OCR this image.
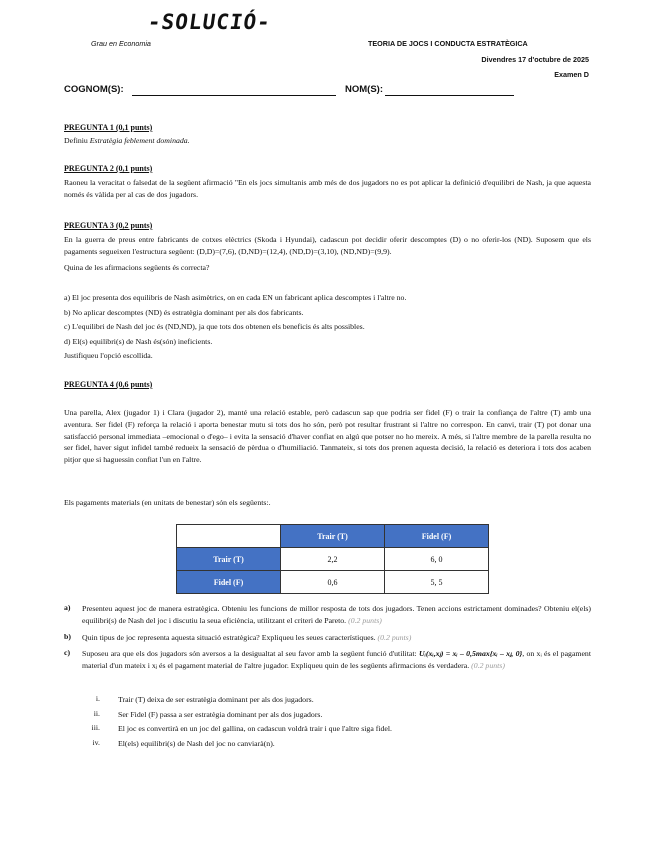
-SOLUCIÓ-
Grau en Economia	TEORIA DE JOCS I CONDUCTA ESTRATÈGICA
Divendres 17 d'octubre de 2025
Examen D
COGNOM(S):	NOM(S):
PREGUNTA 1 (0,1 punts)
Definiu Estratègia feblement dominada.
PREGUNTA 2 (0,1 punts)
Raoneu la veracitat o falsedat de la següent afirmació "En els jocs simultanis amb més de dos jugadors no es pot aplicar la definició d'equilibri de Nash, ja que aquesta només és vàlida per al cas de dos jugadors.
PREGUNTA 3 (0,2 punts)
En la guerra de preus entre fabricants de cotxes elèctrics (Skoda i Hyundai), cadascun pot decidir oferir descomptes (D) o no oferir-los (ND). Suposem que els pagaments segueixen l'estructura següent: (D,D)=(7,6), (D,ND)=(12,4), (ND,D)=(3,10), (ND,ND)=(9,9).
Quina de les afirmacions següents és correcta?
a) El joc presenta dos equilibris de Nash asimètrics, on en cada EN un fabricant aplica descomptes i l'altre no.
b) No aplicar descomptes (ND) és estratègia dominant per als dos fabricants.
c) L'equilibri de Nash del joc és (ND,ND), ja que tots dos obtenen els beneficis és alts possibles.
d) El(s) equilibri(s) de Nash és(són) ineficients.
Justifiqueu l'opció escollida.
PREGUNTA 4 (0,6 punts)
Una parella, Alex (jugador 1) i Clara (jugador 2), manté una relació estable, però cadascun sap que podria ser fidel (F) o trair la confiança de l'altre (T) amb una aventura. Ser fidel (F) reforça la relació i aporta benestar mutu si tots dos ho són, però pot resultar frustrant si l'altre no correspon. En canvi, trair (T) pot donar una satisfacció personal immediata –emocional o d'ego– i evita la sensació d'haver confiat en algú que potser no ho mereix. A més, si l'altre membre de la parella resulta no ser fidel, haver sigut infidel també redueix la sensació de pèrdua o d'humiliació. Tanmateix, si tots dos prenen aquesta decisió, la relació es deteriora i tots dos acaben pitjor que si haguessin confiat l'un en l'altre.
Els pagaments materials (en unitats de benestar) són els següents:.
	Trair (T)	Fidel (F)
Trair (T)	2,2	6, 0
Fidel (F)	0,6	5, 5
a) Presenteu aquest joc de manera estratègica. Obteniu les funcions de millor resposta de tots dos jugadors. Tenen accions estrictament dominades? Obteniu el(els) equilibri(s) de Nash del joc i discutiu la seua eficiència, utilitzant el criteri de Pareto. (0.2 punts)
b) Quin tipus de joc representa aquesta situació estratègica? Expliqueu les seues característiques. (0.2 punts)
c) Suposeu ara que els dos jugadors són aversos a la desigualtat al seu favor amb la següent funció d'utilitat: Uᵢ(xᵢ,xⱼ) = xᵢ – 0,5max{xᵢ – xⱼ, 0}, on xᵢ és el pagament material d'un mateix i xⱼ és el pagament material de l'altre jugador. Expliqueu quin de les següents afirmacions és verdadera. (0.2 punts)
i. Trair (T) deixa de ser estratègia dominant per als dos jugadors.
ii. Ser Fidel (F) passa a ser estratègia dominant per als dos jugadors.
iii. El joc es convertirà en un joc del gallina, on cadascun voldrà trair i que l'altre siga fidel.
iv. El(els) equilibri(s) de Nash del joc no canviarà(n).
